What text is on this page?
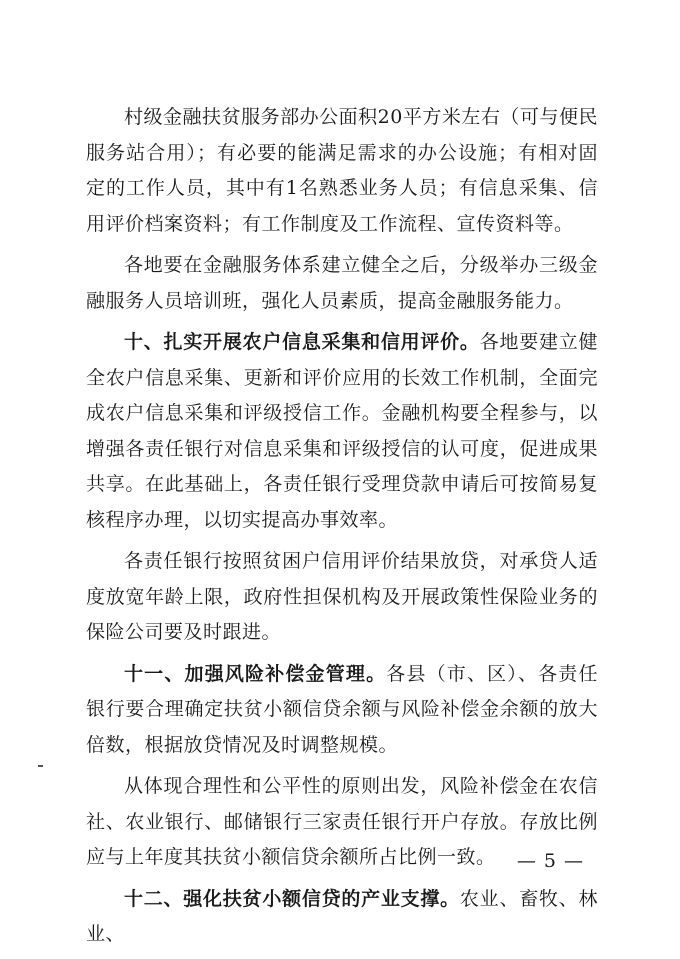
村级金融扶贫服务部办公面积20平方米左右（可与便民服务站合用）；有必要的能满足需求的办公设施；有相对固定的工作人员，其中有1名熟悉业务人员；有信息采集、信用评价档案资料；有工作制度及工作流程、宣传资料等。

各地要在金融服务体系建立健全之后，分级举办三级金融服务人员培训班，强化人员素质，提高金融服务能力。

十、扎实开展农户信息采集和信用评价。各地要建立健全农户信息采集、更新和评价应用的长效工作机制，全面完成农户信息采集和评级授信工作。金融机构要全程参与，以增强各责任银行对信息采集和评级授信的认可度，促进成果共享。在此基础上，各责任银行受理贷款申请后可按简易复核程序办理，以切实提高办事效率。

各责任银行按照贫困户信用评价结果放贷，对承贷人适度放宽年龄上限，政府性担保机构及开展政策性保险业务的保险公司要及时跟进。

十一、加强风险补偿金管理。各县（市、区）、各责任银行要合理确定扶贫小额信贷余额与风险补偿金余额的放大倍数，根据放贷情况及时调整规模。

从体现合理性和公平性的原则出发，风险补偿金在农信社、农业银行、邮储银行三家责任银行开户存放。存放比例应与上年度其扶贫小额信贷余额所占比例一致。

十二、强化扶贫小额信贷的产业支撑。农业、畜牧、林业、

— 5 —
